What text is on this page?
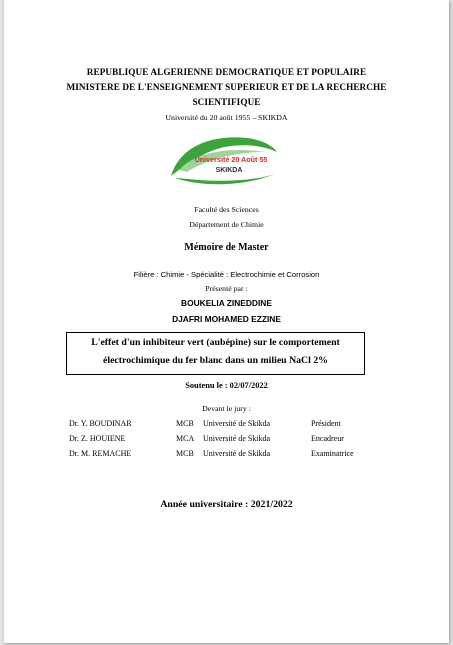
REPUBLIQUE ALGERIENNE DEMOCRATIQUE ET POPULAIRE
MINISTERE DE L'ENSEIGNEMENT SUPERIEUR ET DE LA RECHERCHE
SCIENTIFIQUE
Université du 20 août 1955 – SKIKDA
Université 20 Août 55
SKIKDA
Faculté des Sciences
Département de Chimie
Mémoire de Master
Filière : Chimie - Spécialité : Electrochimie et Corrosion
Présenté par :
BOUKELIA ZINEDDINE
DJAFRI MOHAMED EZZINE
L'effet d'un inhibiteur vert (aubépine) sur le comportement
électrochimique du fer blanc dans un milieu NaCl 2%
Soutenu le : 02/07/2022
Devant le jury :
Dr. Y. BOUDINAR	MCB Université de Skikda	Président
Dr. Z. HOUIENE	MCA Université de Skikda	Encadreur
Dr. M. REMACHE	MCB Université de Skikda	Examinatrice
Année universitaire : 2021/2022
